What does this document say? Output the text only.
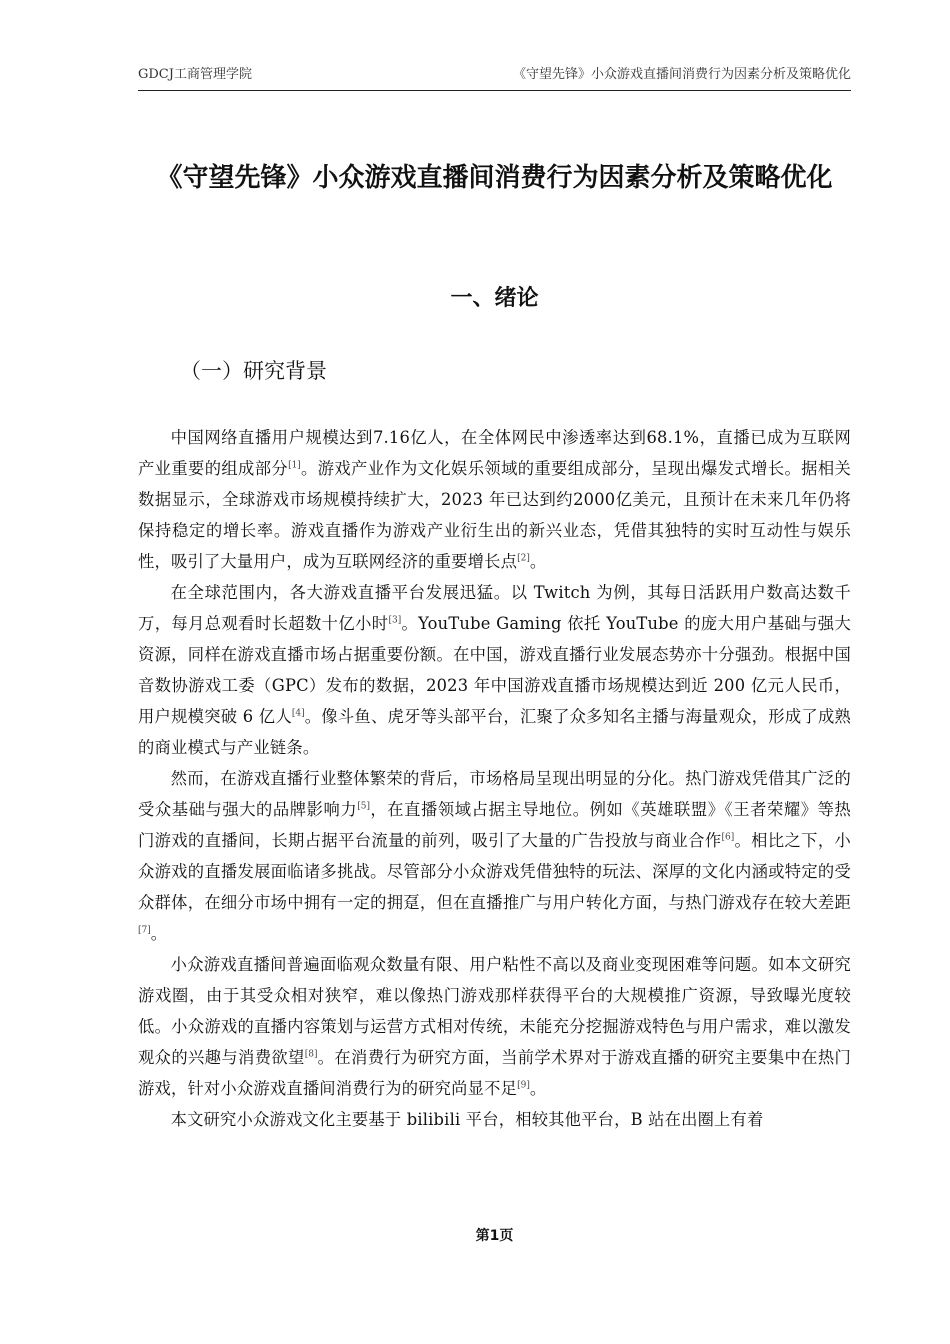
GDCJ工商管理学院	《守望先锋》小众游戏直播间消费行为因素分析及策略优化
《守望先锋》小众游戏直播间消费行为因素分析及策略优化
一、绪论
（一）研究背景

中国网络直播用户规模达到7.16亿人，在全体网民中渗透率达到68.1%，直播已成为互联网产业重要的组成部分[1]。游戏产业作为文化娱乐领域的重要组成部分，呈现出爆发式增长。据相关数据显示，全球游戏市场规模持续扩大，2023 年已达到约2000亿美元，且预计在未来几年仍将保持稳定的增长率。游戏直播作为游戏产业衍生出的新兴业态，凭借其独特的实时互动性与娱乐性，吸引了大量用户，成为互联网经济的重要增长点[2]。

在全球范围内，各大游戏直播平台发展迅猛。以 Twitch 为例，其每日活跃用户数高达数千万，每月总观看时长超数十亿小时[3]。YouTube Gaming 依托 YouTube 的庞大用户基础与强大资源，同样在游戏直播市场占据重要份额。在中国，游戏直播行业发展态势亦十分强劲。根据中国音数协游戏工委（GPC）发布的数据，2023 年中国游戏直播市场规模达到近 200 亿元人民币，用户规模突破 6 亿人[4]。像斗鱼、虎牙等头部平台，汇聚了众多知名主播与海量观众，形成了成熟的商业模式与产业链条。

然而，在游戏直播行业整体繁荣的背后，市场格局呈现出明显的分化。热门游戏凭借其广泛的受众基础与强大的品牌影响力[5]，在直播领域占据主导地位。例如《英雄联盟》《王者荣耀》等热门游戏的直播间，长期占据平台流量的前列，吸引了大量的广告投放与商业合作[6]。相比之下，小众游戏的直播发展面临诸多挑战。尽管部分小众游戏凭借独特的玩法、深厚的文化内涵或特定的受众群体，在细分市场中拥有一定的拥趸，但在直播推广与用户转化方面，与热门游戏存在较大差距[7]。

小众游戏直播间普遍面临观众数量有限、用户粘性不高以及商业变现困难等问题。如本文研究游戏圈，由于其受众相对狭窄，难以像热门游戏那样获得平台的大规模推广资源，导致曝光度较低。小众游戏的直播内容策划与运营方式相对传统，未能充分挖掘游戏特色与用户需求，难以激发观众的兴趣与消费欲望[8]。在消费行为研究方面，当前学术界对于游戏直播的研究主要集中在热门游戏，针对小众游戏直播间消费行为的研究尚显不足[9]。

本文研究小众游戏文化主要基于 bilibili 平台，相较其他平台，B 站在出圈上有着

第1页
